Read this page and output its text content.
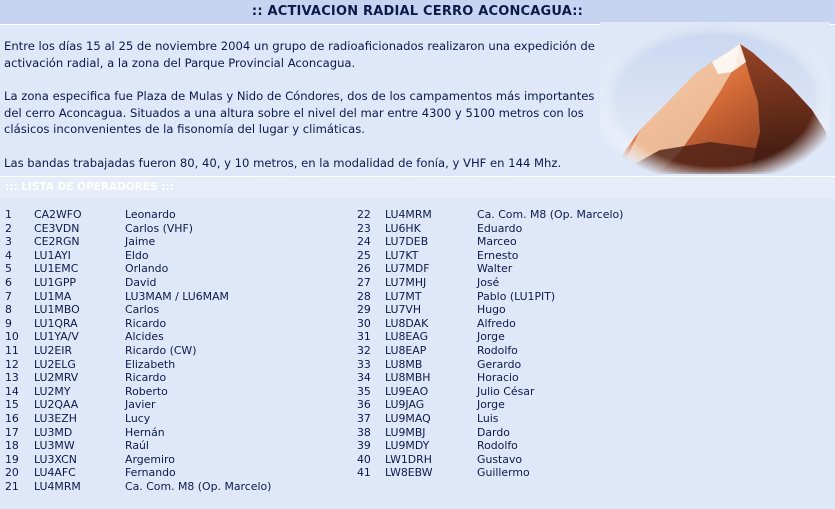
:: ACTIVACION RADIAL CERRO ACONCAGUA::

Entre los días 15 al 25 de noviembre 2004 un grupo de radioaficionados realizaron una expedición de activación radial, a la zona del Parque Provincial Aconcagua.

La zona especifica fue Plaza de Mulas y Nido de Cóndores, dos de los campamentos más importantes del cerro Aconcagua. Situados a una altura sobre el nivel del mar entre 4300 y 5100 metros con los clásicos inconvenientes de la fisonomía del lugar y climáticas.

Las bandas trabajadas fueron 80, 40, y 10 metros, en la modalidad de fonía, y VHF en 144 Mhz.

::: LISTA DE OPERADORES :::
1 CA2WFO	Leonardo
2 CE3VDN	Carlos (VHF)
3 CE2RGN	Jaime
4 LU1AYI	Eldo
5 LU1EMC	Orlando
6 LU1GPP	David
7 LU1MA	LU3MAM / LU6MAM
8 LU1MBO	Carlos
9 LU1QRA	Ricardo
10 LU1YA/V	Alcides
11 LU2EIR	Ricardo (CW)
12 LU2ELG	Elizabeth
13 LU2MRV	Ricardo
14 LU2MY	Roberto
15 LU2QAA	Javier
16 LU3EZH	Lucy
17 LU3MD	Hernán
18 LU3MW	Raúl
19 LU3XCN	Argemiro
20 LU4AFC	Fernando
21 LU4MRM	Ca. Com. M8 (Op. Marcelo)
22 LU4MRM	Ca. Com. M8 (Op. Marcelo)
23 LU6HK	Eduardo
24 LU7DEB	Marceo
25 LU7KT	Ernesto
26 LU7MDF	Walter
27 LU7MHJ	José
28 LU7MT	Pablo (LU1PIT)
29 LU7VH	Hugo
30 LU8DAK	Alfredo
31 LU8EAG	Jorge
32 LU8EAP	Rodolfo
33 LU8MB	Gerardo
34 LU8MBH	Horacio
35 LU9EAO	Julio César
36 LU9JAG	Jorge
37 LU9MAQ	Luis
38 LU9MBJ	Dardo
39 LU9MDY	Rodolfo
40 LW1DRH	Gustavo
41 LW8EBW	Guillermo
